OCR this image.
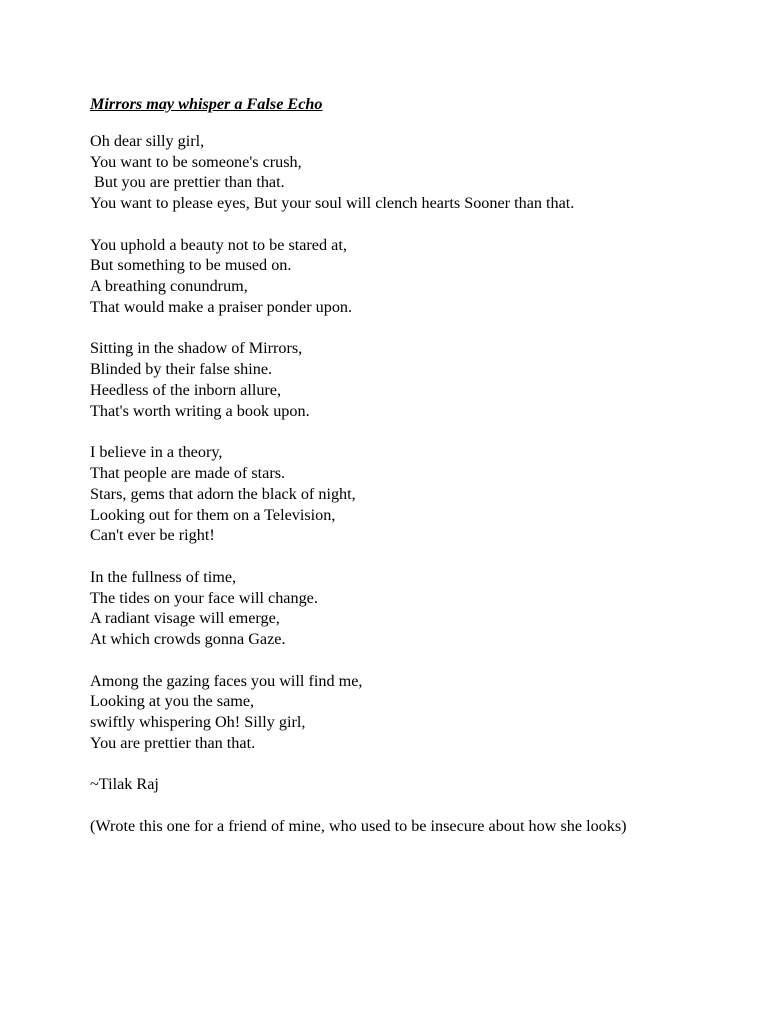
Mirrors may whisper a False Echo
Oh dear silly girl,
You want to be someone's crush,
But you are prettier than that.
You want to please eyes, But your soul will clench hearts Sooner than that.
You uphold a beauty not to be stared at,
But something to be mused on.
A breathing conundrum,
That would make a praiser ponder upon.
Sitting in the shadow of Mirrors,
Blinded by their false shine.
Heedless of the inborn allure,
That's worth writing a book upon.
I believe in a theory,
That people are made of stars.
Stars, gems that adorn the black of night,
Looking out for them on a Television,
Can't ever be right!
In the fullness of time,
The tides on your face will change.
A radiant visage will emerge,
At which crowds gonna Gaze.
Among the gazing faces you will find me,
Looking at you the same,
swiftly whispering Oh! Silly girl,
You are prettier than that.
~Tilak Raj
(Wrote this one for a friend of mine, who used to be insecure about how she looks)
